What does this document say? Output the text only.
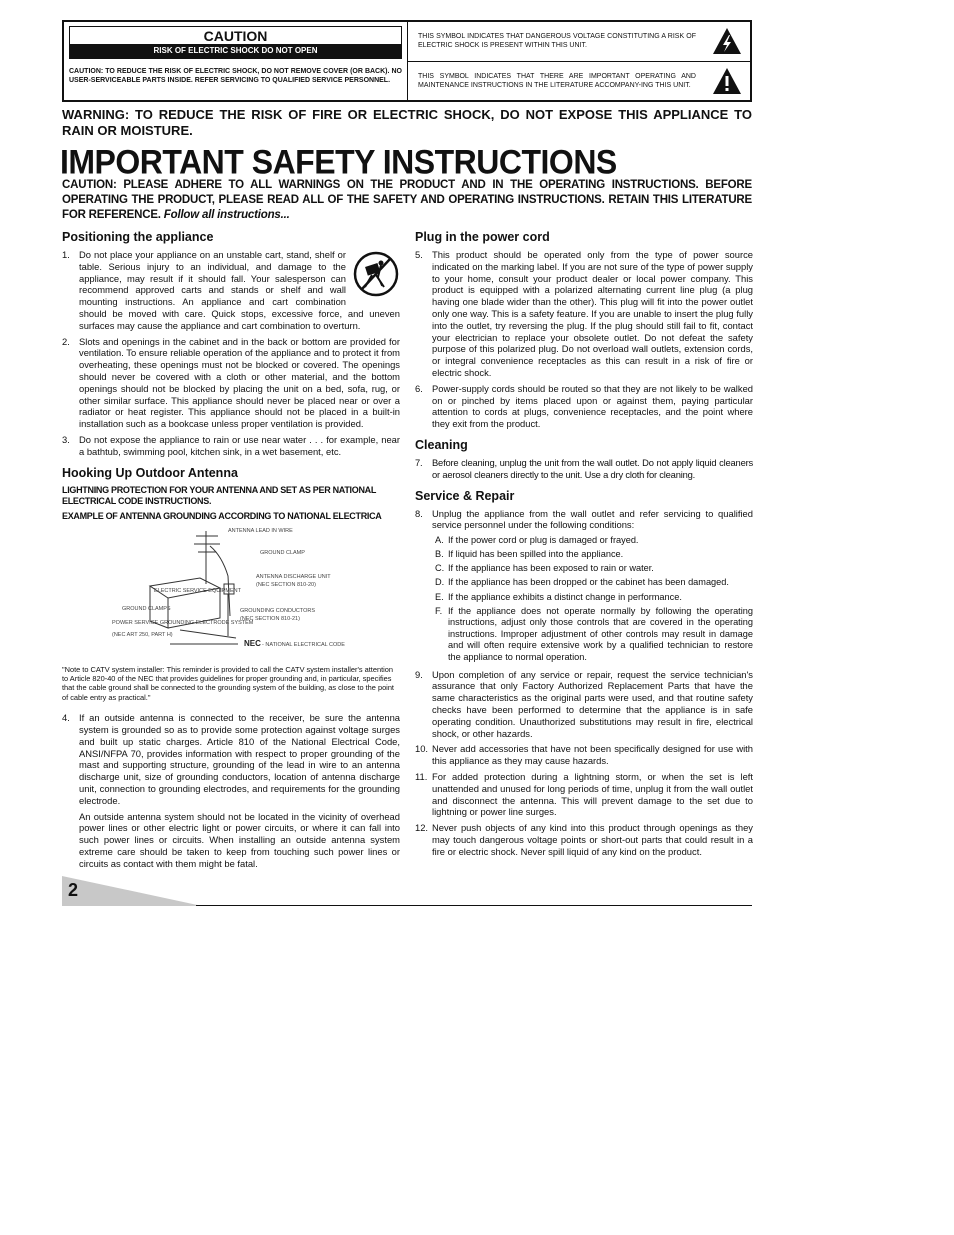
CAUTION
RISK OF ELECTRIC SHOCK DO NOT OPEN
CAUTION: TO REDUCE THE RISK OF ELECTRIC SHOCK, DO NOT REMOVE COVER (OR BACK). NO USER-SERVICEABLE PARTS INSIDE. REFER SERVICING TO QUALIFIED SERVICE PERSONNEL.
THIS SYMBOL INDICATES THAT DANGEROUS VOLTAGE CONSTITUTING A RISK OF ELECTRIC SHOCK IS PRESENT WITHIN THIS UNIT.
THIS SYMBOL INDICATES THAT THERE ARE IMPORTANT OPERATING AND MAINTENANCE INSTRUCTIONS IN THE LITERATURE ACCOMPANY-ING THIS UNIT.
WARNING: TO REDUCE THE RISK OF FIRE OR ELECTRIC SHOCK, DO NOT EXPOSE THIS APPLIANCE TO RAIN OR MOISTURE.
IMPORTANT SAFETY INSTRUCTIONS
CAUTION: PLEASE ADHERE TO ALL WARNINGS ON THE PRODUCT AND IN THE OPERATING INSTRUCTIONS. BEFORE OPERATING THE PRODUCT, PLEASE READ ALL OF THE SAFETY AND OPERATING INSTRUCTIONS. RETAIN THIS LITERATURE FOR REFERENCE. Follow all instructions...
Positioning the appliance
1. Do not place your appliance on an unstable cart, stand, shelf or table. Serious injury to an individual, and damage to the appliance, may result if it should fall. Your salesperson can recommend approved carts and stands or shelf and wall mounting instructions. An appliance and cart combination should be moved with care. Quick stops, excessive force, and uneven surfaces may cause the appliance and cart combination to overturn.
2. Slots and openings in the cabinet and in the back or bottom are provided for ventilation. To ensure reliable operation of the appliance and to protect it from overheating, these openings must not be blocked or covered. The openings should never be covered with a cloth or other material, and the bottom openings should not be blocked by placing the unit on a bed, sofa, rug, or other similar surface. This appliance should never be placed near or over a radiator or heat register. This appliance should not be placed in a built-in installation such as a bookcase unless proper ventilation is provided.
3. Do not expose the appliance to rain or use near water . . . for example, near a bathtub, swimming pool, kitchen sink, in a wet basement, etc.
Hooking Up Outdoor Antenna
LIGHTNING PROTECTION FOR YOUR ANTENNA AND SET AS PER NATIONAL ELECTRICAL CODE INSTRUCTIONS.
EXAMPLE OF ANTENNA GROUNDING ACCORDING TO NATIONAL ELECTRICA
ANTENNA LEAD IN WIRE
GROUND CLAMP
ANTENNA DISCHARGE UNIT
(NEC SECTION 810-20)
ELECTRIC SERVICE EQUIPMENT
GROUNDING CONDUCTORS
(NEC SECTION 810-21)
GROUND CLAMPS
POWER SERVICE GROUNDING ELECTRODE SYSTEM
(NEC ART 250, PART H)
NEC - NATIONAL ELECTRICAL CODE
"Note to CATV system installer: This reminder is provided to call the CATV system installer's attention to Article 820-40 of the NEC that provides guidelines for proper grounding and, in particular, specifies that the cable ground shall be connected to the grounding system of the building, as close to the point of cable entry as practical."
4. If an outside antenna is connected to the receiver, be sure the antenna system is grounded so as to provide some protection against voltage surges and built up static charges. Article 810 of the National Electrical Code, ANSI/NFPA 70, provides information with respect to proper grounding of the mast and supporting structure, grounding of the lead in wire to an antenna discharge unit, size of grounding conductors, location of antenna discharge unit, connection to grounding electrodes, and requirements for the grounding electrode.
An outside antenna system should not be located in the vicinity of overhead power lines or other electric light or power circuits, or where it can fall into such power lines or circuits. When installing an outside antenna system extreme care should be taken to keep from touching such power lines or circuits as contact with them might be fatal.
Plug in the power cord
5. This product should be operated only from the type of power source indicated on the marking label. If you are not sure of the type of power supply to your home, consult your product dealer or local power company. This product is equipped with a polarized alternating current line plug (a plug having one blade wider than the other). This plug will fit into the power outlet only one way. This is a safety feature. If you are unable to insert the plug fully into the outlet, try reversing the plug. If the plug should still fail to fit, contact your electrician to replace your obsolete outlet. Do not defeat the safety purpose of this polarized plug. Do not overload wall outlets, extension cords, or integral convenience receptacles as this can result in a risk of fire or electric shock.
6. Power-supply cords should be routed so that they are not likely to be walked on or pinched by items placed upon or against them, paying particular attention to cords at plugs, convenience receptacles, and the point where they exit from the product.
Cleaning
7.	Before cleaning, unplug the unit from the wall outlet. Do not apply liquid cleaners or aerosol cleaners directly to the unit. Use a dry cloth for cleaning.
Service & Repair
8. Unplug the appliance from the wall outlet and refer servicing to qualified service personnel under the following conditions:
A. If the power cord or plug is damaged or frayed.
B. If liquid has been spilled into the appliance.
C. If the appliance has been exposed to rain or water.
D. If the appliance has been dropped or the cabinet has been damaged.
E. If the appliance exhibits a distinct change in performance.
F. If the appliance does not operate normally by following the operating instructions, adjust only those controls that are covered in the operating instructions. Improper adjustment of other controls may result in damage and will often require extensive work by a qualified technician to restore the appliance to normal operation.
9. Upon completion of any service or repair, request the service technician's assurance that only Factory Authorized Replacement Parts that have the same characteristics as the original parts were used, and that routine safety checks have been performed to determine that the appliance is in safe operating condition. Unauthorized substitutions may result in fire, electrical shock, or other hazards.
10. Never add accessories that have not been specifically designed for use with this appliance as they may cause hazards.
11. For added protection during a lightning storm, or when the set is left unattended and unused for long periods of time, unplug it from the wall outlet and disconnect the antenna. This will prevent damage to the set due to lightning or power line surges.
12. Never push objects of any kind into this product through openings as they may touch dangerous voltage points or short-out parts that could result in a fire or electric shock. Never spill liquid of any kind on the product.
2
